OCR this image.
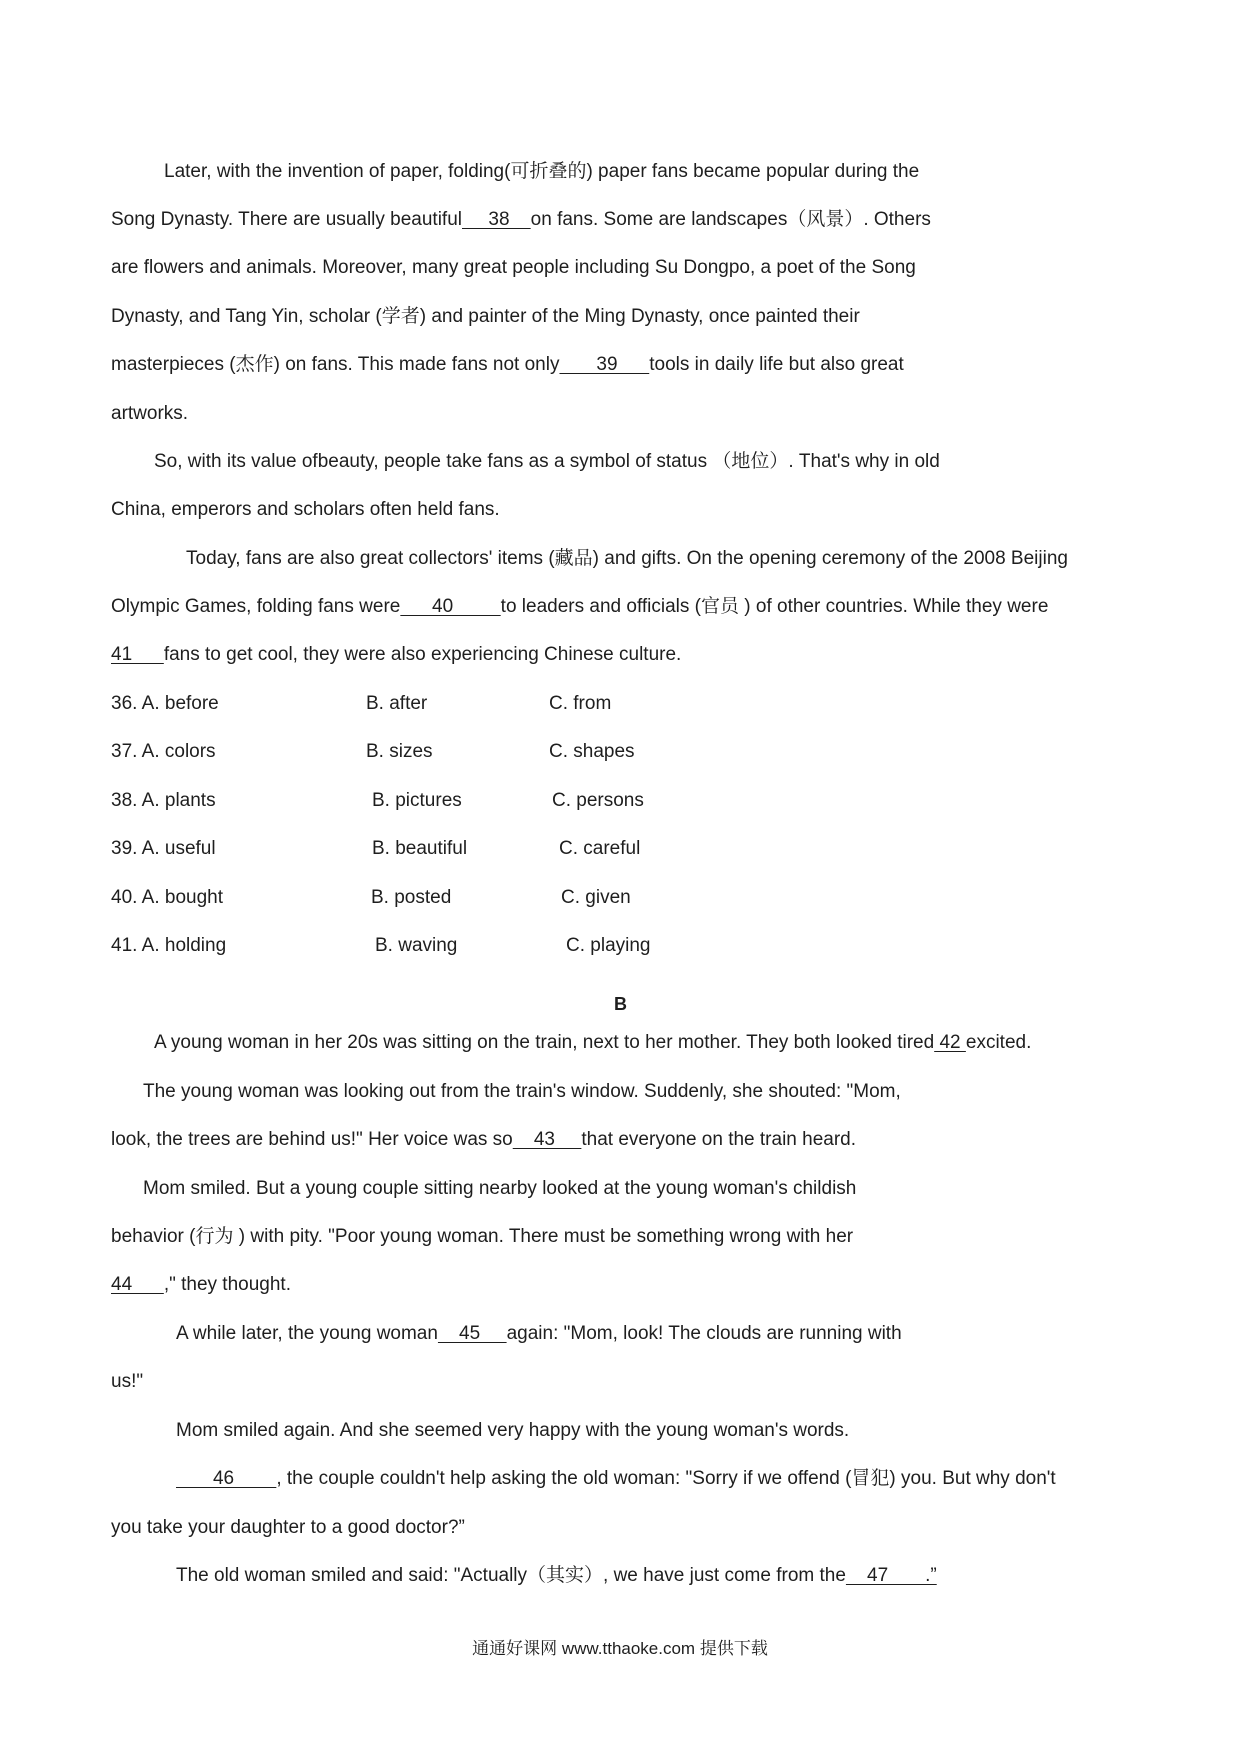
Later, with the invention of paper, folding(可折叠的) paper fans became popular during the
Song Dynasty. There are usually beautiful     38    on fans. Some are landscapes（风景）. Others
are flowers and animals. Moreover, many great people including Su Dongpo, a poet of the Song
Dynasty, and Tang Yin, scholar (学者) and painter of the Ming Dynasty, once painted their
masterpieces (杰作) on fans. This made fans not only       39      tools in daily life but also great
artworks.
So, with its value ofbeauty, people take fans as a symbol of status （地位）. That's why in old
China, emperors and scholars often held fans.
Today, fans are also great collectors' items (藏品) and gifts. On the opening ceremony of the 2008 Beijing
Olympic Games, folding fans were      40         to leaders and officials (官员 ) of other countries. While they were
41      fans to get cool, they were also experiencing Chinese culture.
36. A. before	B. after	C. from
37. A. colors	B. sizes	C. shapes
38. A. plants	B. pictures	C. persons
39. A. useful	B. beautiful	C. careful
40. A. bought	B. posted	C. given
41. A. holding	B. waving	C. playing
B
A young woman in her 20s was sitting on the train, next to her mother. They both looked tired 42 excited.
The young woman was looking out from the train's window. Suddenly, she shouted: "Mom,
look, the trees are behind us!" Her voice was so    43     that everyone on the train heard.
Mom smiled. But a young couple sitting nearby looked at the young woman's childish
behavior (行为 ) with pity. "Poor young woman. There must be something wrong with her
44      ," they thought.
A while later, the young woman    45     again: "Mom, look! The clouds are running with
us!"
Mom smiled again. And she seemed very happy with the young woman's words.
46        , the couple couldn't help asking the old woman: "Sorry if we offend (冒犯) you. But why don't
you take your daughter to a good doctor?”
The old woman smiled and said: "Actually（其实）, we have just come from the    47       .”
通通好课网 www.tthaoke.com 提供下载
